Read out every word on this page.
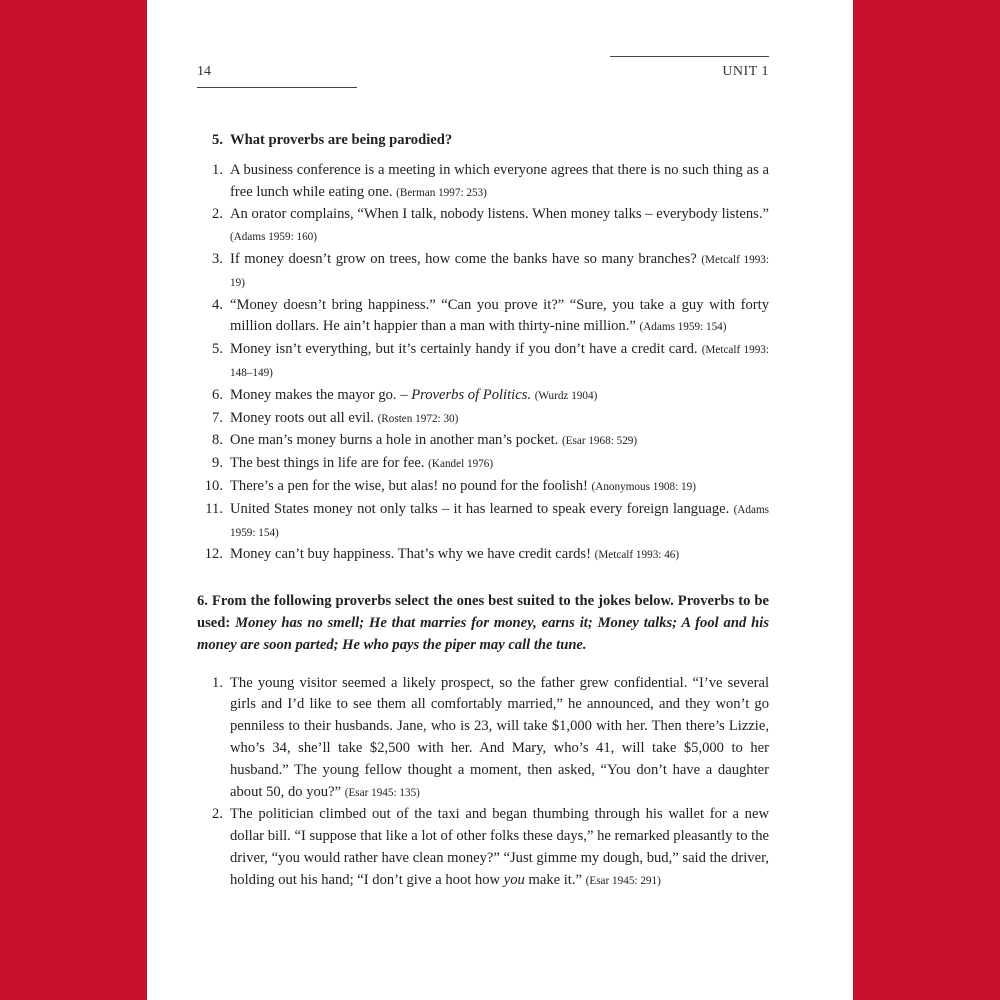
14	UNIT 1
5. What proverbs are being parodied?
1. A business conference is a meeting in which everyone agrees that there is no such thing as a free lunch while eating one. (Berman 1997: 253)
2. An orator complains, “When I talk, nobody listens. When money talks – everybody listens.” (Adams 1959: 160)
3. If money doesn’t grow on trees, how come the banks have so many branches? (Metcalf 1993: 19)
4. “Money doesn’t bring happiness.” “Can you prove it?” “Sure, you take a guy with forty million dollars. He ain’t happier than a man with thirty-nine million.” (Adams 1959: 154)
5. Money isn’t everything, but it’s certainly handy if you don’t have a credit card. (Metcalf 1993: 148–149)
6. Money makes the mayor go. – Proverbs of Politics. (Wurdz 1904)
7. Money roots out all evil. (Rosten 1972: 30)
8. One man’s money burns a hole in another man’s pocket. (Esar 1968: 529)
9. The best things in life are for fee. (Kandel 1976)
10. There’s a pen for the wise, but alas! no pound for the foolish! (Anonymous 1908: 19)
11. United States money not only talks – it has learned to speak every foreign language. (Adams 1959: 154)
12. Money can’t buy happiness. That’s why we have credit cards! (Metcalf 1993: 46)
6. From the following proverbs select the ones best suited to the jokes below. Proverbs to be used: Money has no smell; He that marries for money, earns it; Money talks; A fool and his money are soon parted; He who pays the piper may call the tune.
1. The young visitor seemed a likely prospect, so the father grew confidential. “I’ve several girls and I’d like to see them all comfortably married,” he announced, and they won’t go penniless to their husbands. Jane, who is 23, will take $1,000 with her. Then there’s Lizzie, who’s 34, she’ll take $2,500 with her. And Mary, who’s 41, will take $5,000 to her husband.” The young fellow thought a moment, then asked, “You don’t have a daughter about 50, do you?” (Esar 1945: 135)
2. The politician climbed out of the taxi and began thumbing through his wallet for a new dollar bill. “I suppose that like a lot of other folks these days,” he remarked pleasantly to the driver, “you would rather have clean money?” “Just gimme my dough, bud,” said the driver, holding out his hand; “I don’t give a hoot how you make it.” (Esar 1945: 291)
